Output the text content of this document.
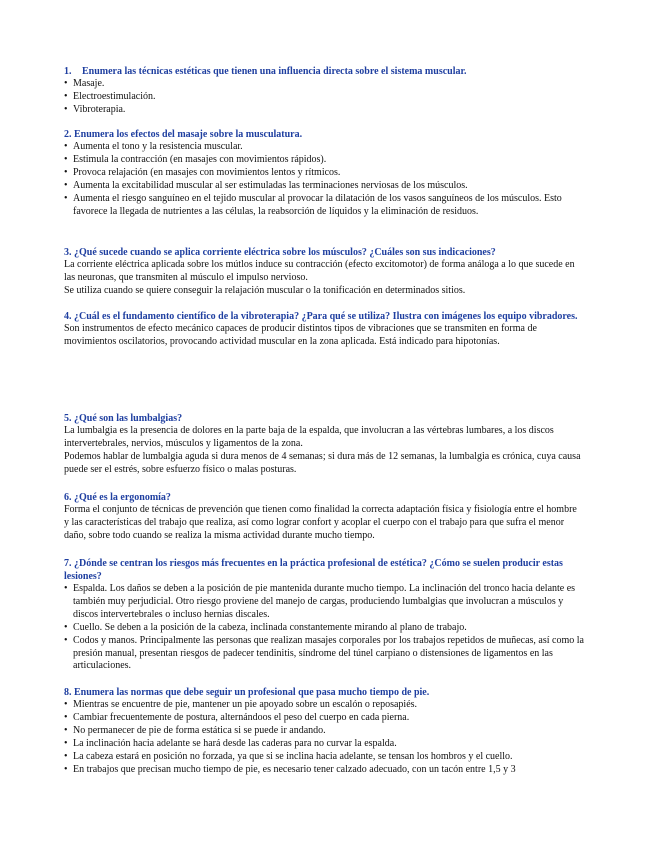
1. Enumera las técnicas estéticas que tienen una influencia directa sobre el sistema muscular.
• Masaje.
• Electroestimulación.
• Vibroterapia.
2. Enumera los efectos del masaje sobre la musculatura.
• Aumenta el tono y la resistencia muscular.
• Estimula la contracción (en masajes con movimientos rápidos).
• Provoca relajación (en masajes con movimientos lentos y rítmicos.
• Aumenta la excitabilidad muscular al ser estimuladas las terminaciones nerviosas de los músculos.
• Aumenta el riesgo sanguíneo en el tejido muscular al provocar la dilatación de los vasos sanguíneos de los músculos. Esto favorece la llegada de nutrientes a las células, la reabsorción de líquidos y la eliminación de residuos.
3. ¿Qué sucede cuando se aplica corriente eléctrica sobre los músculos? ¿Cuáles son sus indicaciones?

La corriente eléctrica aplicada sobre los mútlos induce su contracción (efecto excitomotor) de forma análoga a lo que sucede en las neuronas, que transmiten al músculo el impulso nervioso.

Se utiliza cuando se quiere conseguir la relajación muscular o la tonificación en determinados sitios.

4. ¿Cuál es el fundamento científico de la vibroterapia? ¿Para qué se utiliza? Ilustra con imágenes los equipo vibradores.

Son instrumentos de efecto mecánico capaces de producir distintos tipos de vibraciones que se transmiten en forma de movimientos oscilatorios, provocando actividad muscular en la zona aplicada. Está indicado para hipotonías.

5. ¿Qué son las lumbalgias?

La lumbalgia es la presencia de dolores en la parte baja de la espalda, que involucran a las vértebras lumbares, a los discos intervertebrales, nervios, músculos y ligamentos de la zona.

Podemos hablar de lumbalgia aguda si dura menos de 4 semanas; si dura más de 12 semanas, la lumbalgia es crónica, cuya causa puede ser el estrés, sobre esfuerzo físico o malas posturas.

6. ¿Qué es la ergonomía?

Forma el conjunto de técnicas de prevención que tienen como finalidad la correcta adaptación física y fisiología entre el hombre y las características del trabajo que realiza, así como lograr confort y acoplar el cuerpo con el trabajo para que sufra el menor daño, sobre todo cuando se realiza la misma actividad durante mucho tiempo.

7. ¿Dónde se centran los riesgos más frecuentes en la práctica profesional de estética? ¿Cómo se suelen producir estas lesiones?
• Espalda. Los daños se deben a la posición de pie mantenida durante mucho tiempo. La inclinación del tronco hacia delante es también muy perjudicial. Otro riesgo proviene del manejo de cargas, produciendo lumbalgias que involucran a músculos y discos intervertebrales o incluso hernias discales.
• Cuello. Se deben a la posición de la cabeza, inclinada constantemente mirando al plano de trabajo.
• Codos y manos. Principalmente las personas que realizan masajes corporales por los trabajos repetidos de muñecas, así como la presión manual, presentan riesgos de padecer tendinitis, síndrome del túnel carpiano o distensiones de ligamentos en las articulaciones.
8. Enumera las normas que debe seguir un profesional que pasa mucho tiempo de pie.
• Mientras se encuentre de pie, mantener un pie apoyado sobre un escalón o reposapiés.
• Cambiar frecuentemente de postura, alternándoos el peso del cuerpo en cada pierna.
• No permanecer de pie de forma estática si se puede ir andando.
• La inclinación hacia adelante se hará desde las caderas para no curvar la espalda.
• La cabeza estará en posición no forzada, ya que si se inclina hacia adelante, se tensan los hombros y el cuello.
• En trabajos que precisan mucho tiempo de pie, es necesario tener calzado adecuado, con un tacón entre 1,5 y 3
